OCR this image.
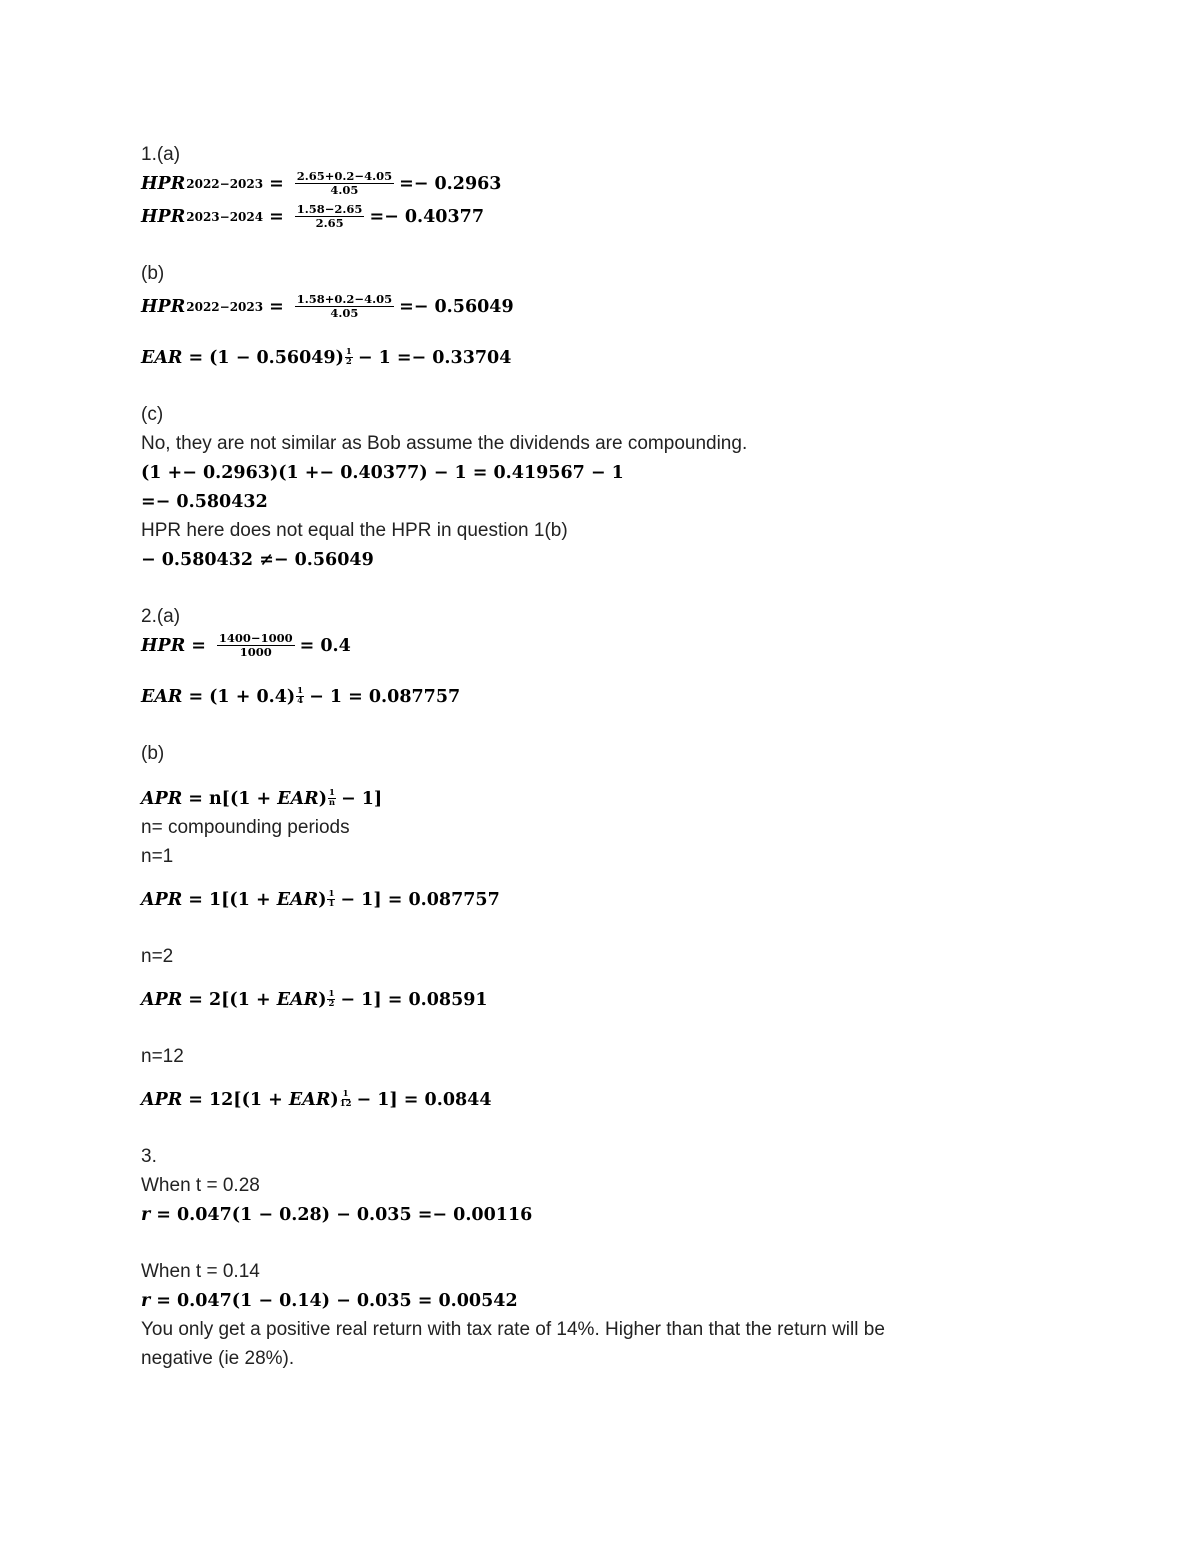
1.(a)
HPR $2022-2023 = \frac{2.65+0.2-4.05}{4.05} =- 0.2963$
HPR $2023-2024 = \frac{1.58-2.65}{2.65} =- 0.40377$
(b)
HPR $2022-2023 = \frac{1.58+0.2-4.05}{4.05} =- 0.56049$
EAR = $(1 - 0.56049) \frac{1}{2} - 1 =- 0.33704$
(c)
No, they are not similar as Bob assume the dividends are compounding.
(1 +− 0.2963)(1 +− 0.40377) − 1 = 0.419567 − 1
=− 0.580432
HPR here does not equal the HPR in question 1(b)
− 0.580432 ≠− 0.56049
2.(a)
HPR = $\frac{1400-1000}{1000} = 0.4$
EAR = $(1 + 0.4) \frac{1}{4} - 1 = 0.087757$
(b)
APR = n[(1 + EAR ) $\frac{1}{n} - 1$]
n= compounding periods
n=1
APR = 1[(1 + EAR ) $\frac{1}{1} - 1] = 0.087757$
n=2
APR = 2[(1 + EAR ) $\frac{1}{2} - 1] = 0.08591$
n=12
APR = 12[(1 + EAR ) $\frac{1}{12} - 1] = 0.0844$
3.
When t = 0.28
r = 0.047(1 − 0.28) − 0.035 =− 0.00116
When t = 0.14
r = 0.047(1 − 0.14) − 0.035 = 0.00542
You only get a positive real return with tax rate of 14%. Higher than that the return will be
negative (ie 28%).
